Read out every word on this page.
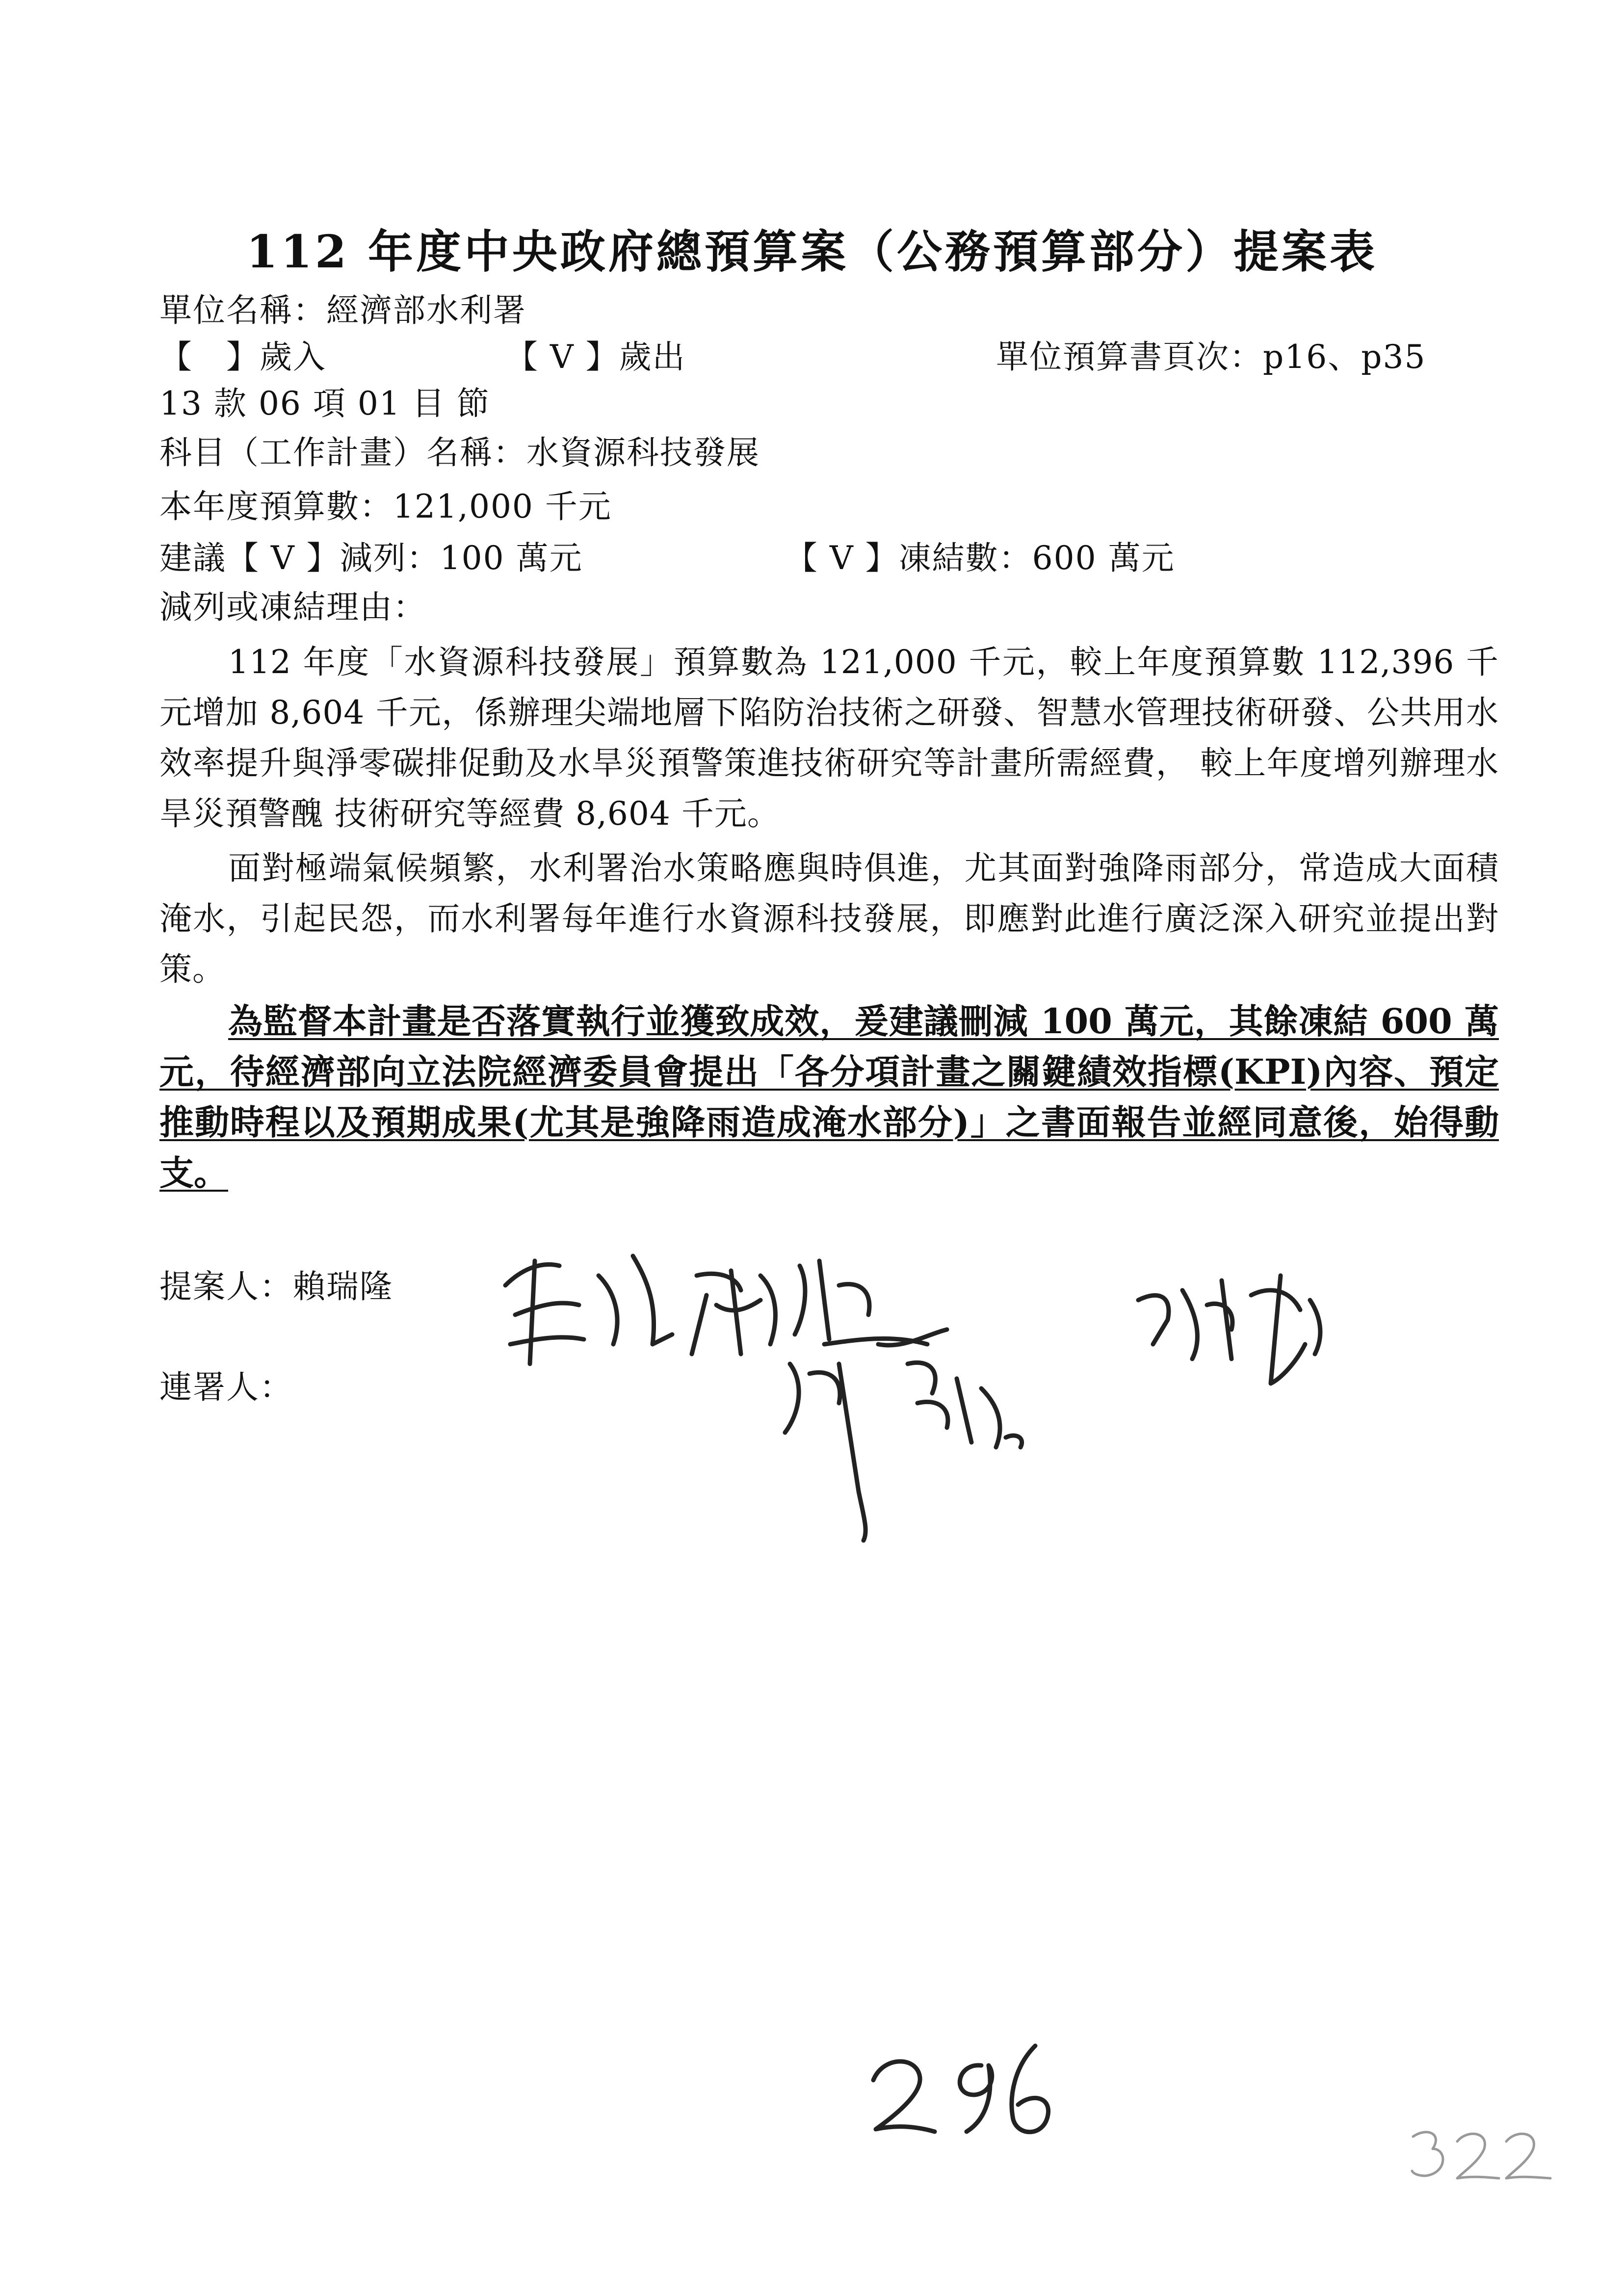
112 年度中央政府總預算案（公務預算部分）提案表
單位名稱：經濟部水利署
【　】歲入	【 V 】歲出	單位預算書頁次：p16、p35
13 款 06 項 01 目 節
科目（工作計畫）名稱：水資源科技發展
本年度預算數：121,000 千元
建議【 V 】減列：100 萬元	【 V 】凍結數：600 萬元
減列或凍結理由：
112 年度「水資源科技發展」預算數為 121,000 千元，較上年度預算數 112,396 千元增加 8,604 千元，係辦理尖端地層下陷防治技術之研發、智慧水管理技術研發、公共用水效率提升與淨零碳排促動及水旱災預警策進技術研究等計畫所需經費， 較上年度增列辦理水旱災預警醜 技術研究等經費 8,604 千元。
面對極端氣候頻繁，水利署治水策略應與時俱進，尤其面對強降雨部分，常造成大面積淹水，引起民怨，而水利署每年進行水資源科技發展，即應對此進行廣泛深入研究並提出對策。
為監督本計畫是否落實執行並獲致成效，爰建議刪減 100 萬元，其餘凍結 600 萬元，待經濟部向立法院經濟委員會提出「各分項計畫之關鍵績效指標(KPI)內容、預定推動時程以及預期成果(尤其是強降雨造成淹水部分)」之書面報告並經同意後，始得動支。
提案人：賴瑞隆
連署人：
